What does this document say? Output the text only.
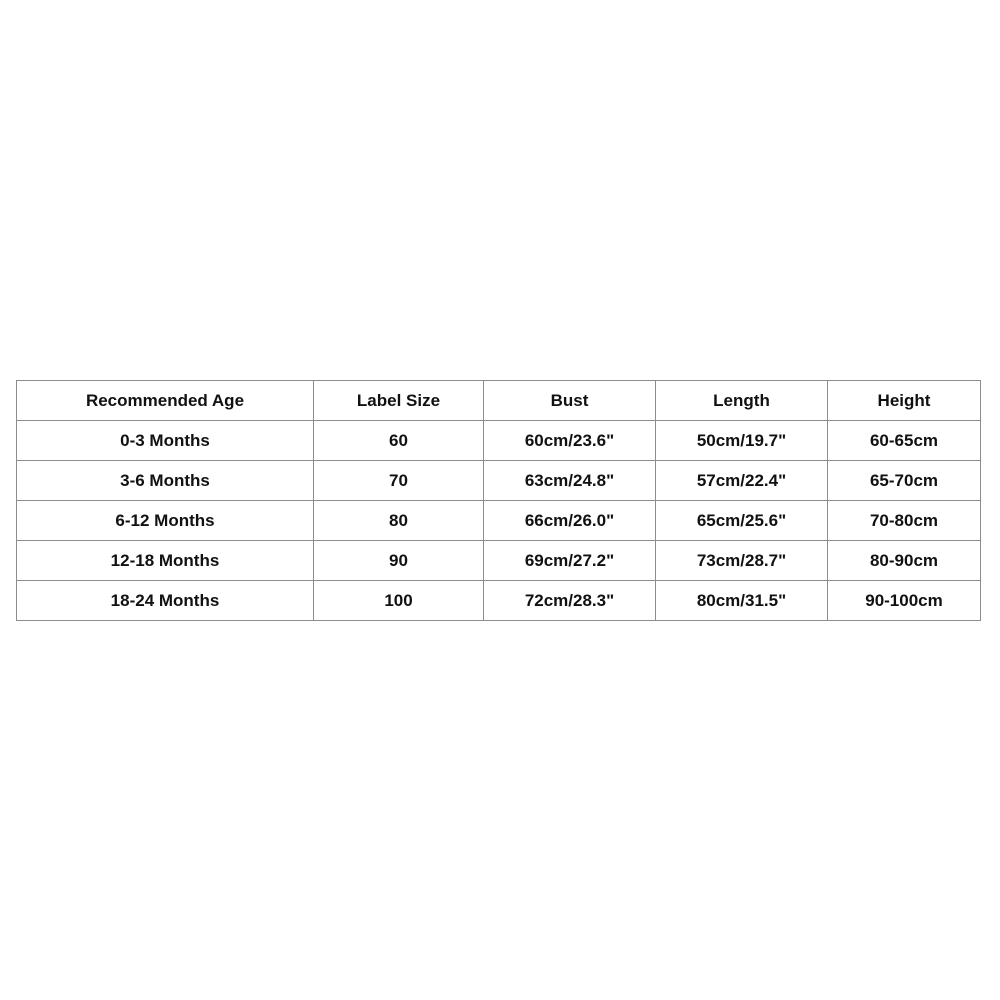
Recommended Age	Label Size	Bust	Length	Height
0-3 Months	60	60cm/23.6"	50cm/19.7"	60-65cm
3-6 Months	70	63cm/24.8"	57cm/22.4"	65-70cm
6-12 Months	80	66cm/26.0"	65cm/25.6"	70-80cm
12-18 Months	90	69cm/27.2"	73cm/28.7"	80-90cm
18-24 Months	100	72cm/28.3"	80cm/31.5"	90-100cm
